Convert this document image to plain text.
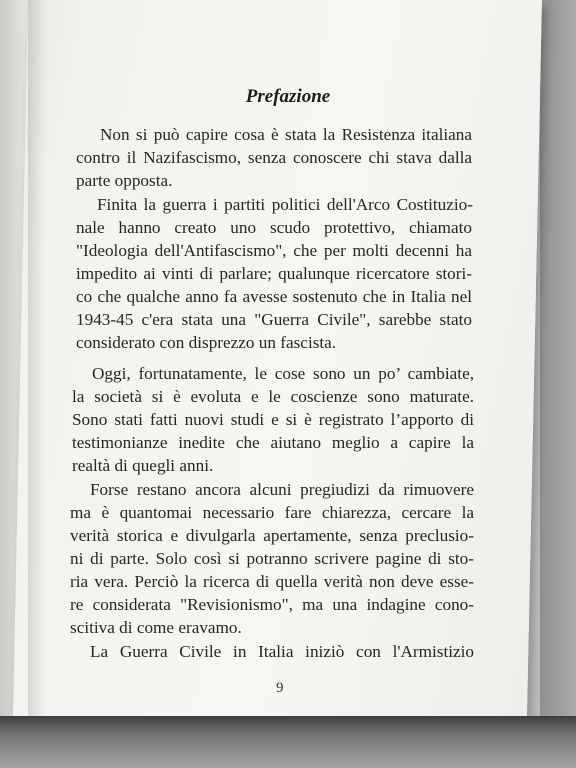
Prefazione
Non si può capire cosa è stata la Resistenza italiana
contro il Nazifascismo, senza conoscere chi stava dalla
parte opposta.
Finita la guerra i partiti politici dell'Arco Costituzio-
nale hanno creato uno scudo protettivo, chiamato
"Ideologia dell'Antifascismo", che per molti decenni ha
impedito ai vinti di parlare; qualunque ricercatore stori-
co che qualche anno fa avesse sostenuto che in Italia nel
1943-45 c'era stata una "Guerra Civile", sarebbe stato
considerato con disprezzo un fascista.
Oggi, fortunatamente, le cose sono un po’ cambiate,
la società si è evoluta e le coscienze sono maturate.
Sono stati fatti nuovi studi e si è registrato l’apporto di
testimonianze inedite che aiutano meglio a capire la
realtà di quegli anni.
Forse restano ancora alcuni pregiudizi da rimuovere
ma è quantomai necessario fare chiarezza, cercare la
verità storica e divulgarla apertamente, senza preclusio-
ni di parte. Solo così si potranno scrivere pagine di sto-
ria vera. Perciò la ricerca di quella verità non deve esse-
re considerata "Revisionismo", ma una indagine cono-
scitiva di come eravamo.
La Guerra Civile in Italia iniziò con l'Armistizio
9
